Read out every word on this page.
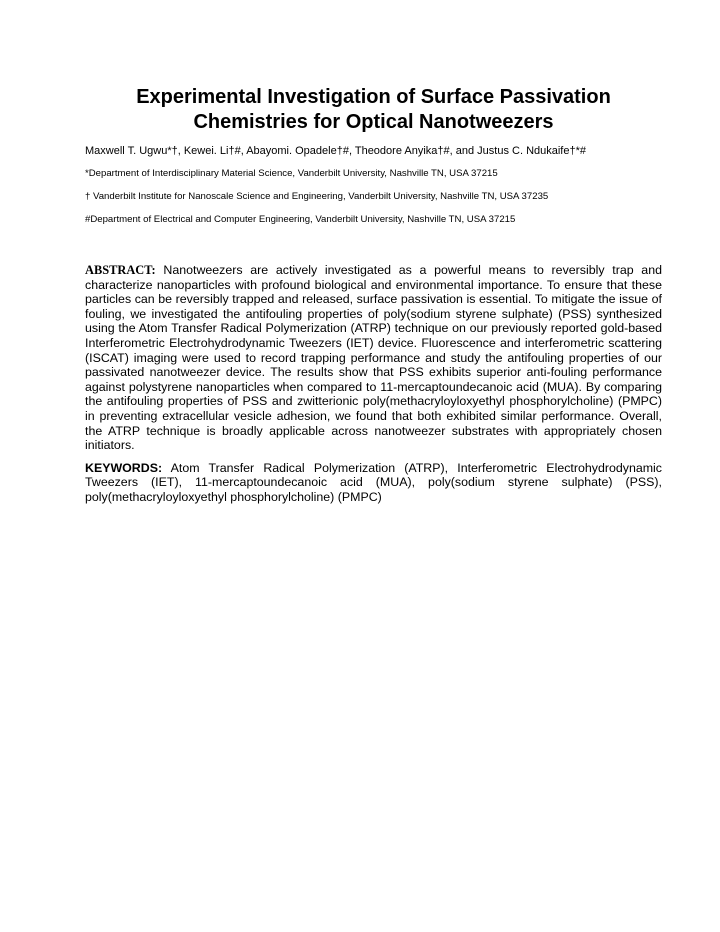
Experimental Investigation of Surface Passivation
Chemistries for Optical Nanotweezers
Maxwell T. Ugwu*†, Kewei. Li†#, Abayomi. Opadele†#, Theodore Anyika†#, and Justus C. Ndukaife†*#
*Department of Interdisciplinary Material Science, Vanderbilt University, Nashville TN, USA 37215
† Vanderbilt Institute for Nanoscale Science and Engineering, Vanderbilt University, Nashville TN, USA 37235
#Department of Electrical and Computer Engineering, Vanderbilt University, Nashville TN, USA 37215
ABSTRACT: Nanotweezers are actively investigated as a powerful means to reversibly trap and characterize nanoparticles with profound biological and environmental importance. To ensure that these particles can be reversibly trapped and released, surface passivation is essential. To mitigate the issue of fouling, we investigated the antifouling properties of poly(sodium styrene sulphate) (PSS) synthesized using the Atom Transfer Radical Polymerization (ATRP) technique on our previously reported gold-based Interferometric Electrohydrodynamic Tweezers (IET) device. Fluorescence and interferometric scattering (ISCAT) imaging were used to record trapping performance and study the antifouling properties of our passivated nanotweezer device. The results show that PSS exhibits superior anti-fouling performance against polystyrene nanoparticles when compared to 11-mercaptoundecanoic acid (MUA). By comparing the antifouling properties of PSS and zwitterionic poly(methacryloyloxyethyl phosphorylcholine) (PMPC) in preventing extracellular vesicle adhesion, we found that both exhibited similar performance. Overall, the ATRP technique is broadly applicable across nanotweezer substrates with appropriately chosen initiators.
KEYWORDS: Atom Transfer Radical Polymerization (ATRP), Interferometric Electrohydrodynamic Tweezers (IET), 11-mercaptoundecanoic acid (MUA), poly(sodium styrene sulphate) (PSS), poly(methacryloyloxyethyl phosphorylcholine) (PMPC)
